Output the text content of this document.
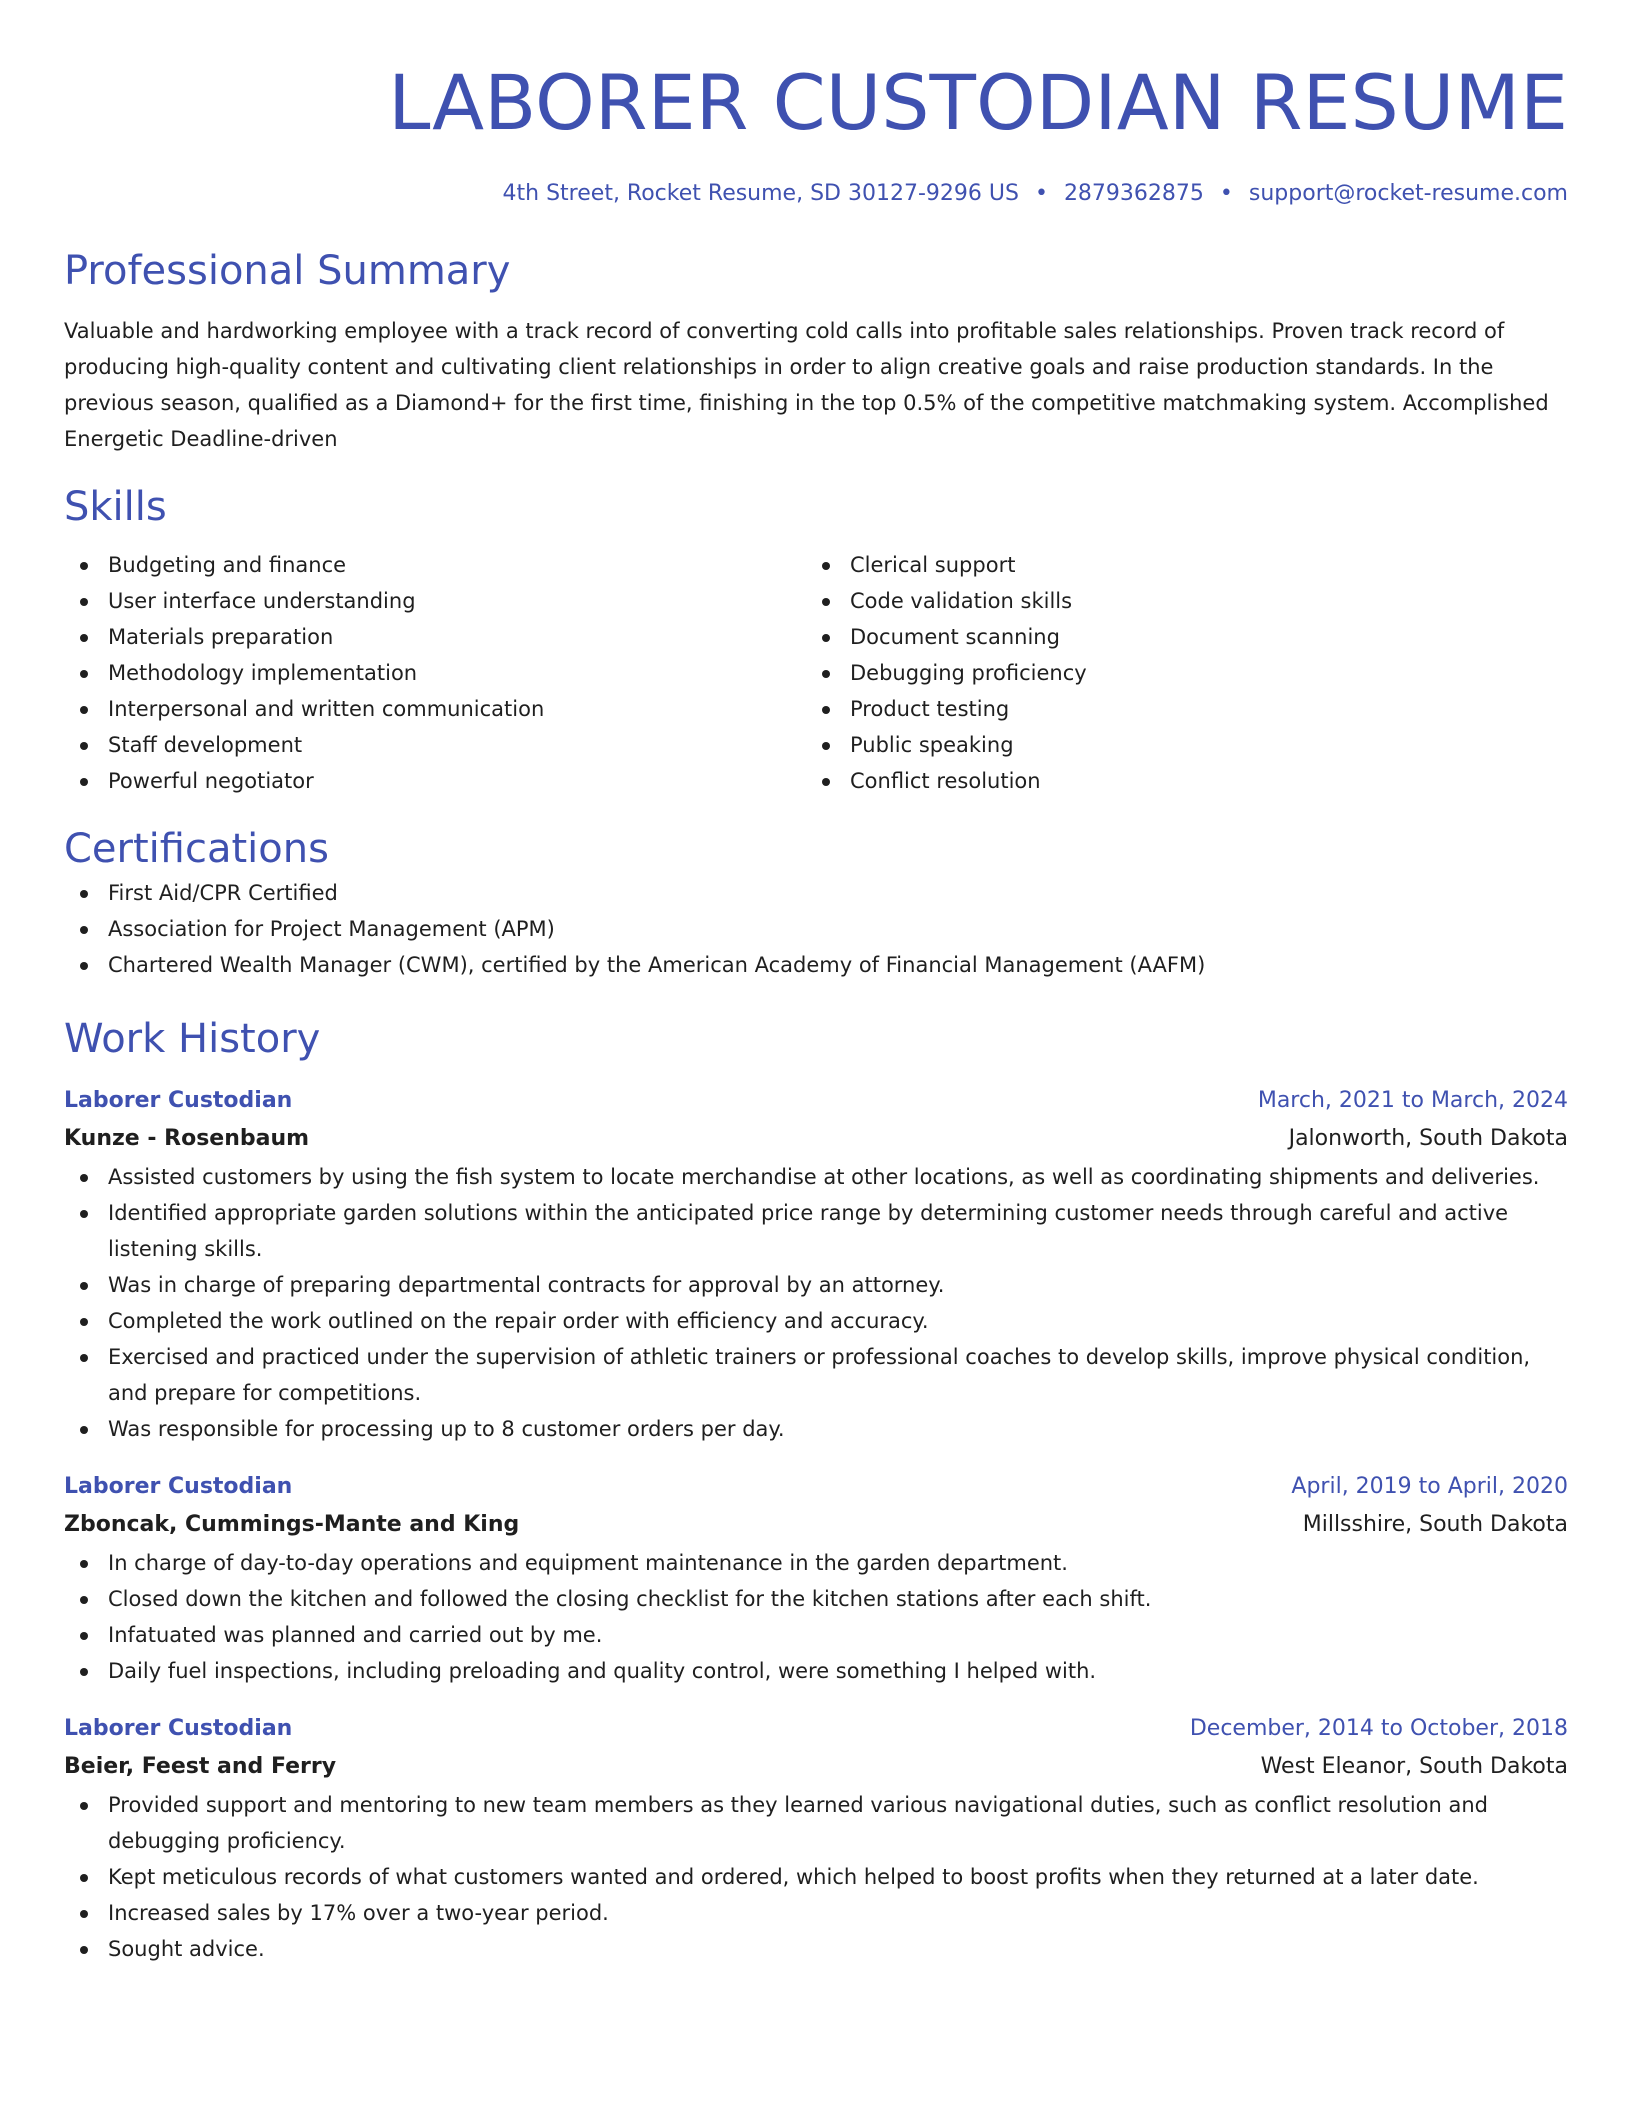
LABORER CUSTODIAN RESUME
4th Street, Rocket Resume, SD 30127-9296 US • 2879362875 • support@rocket-resume.com
Professional Summary

Valuable and hardworking employee with a track record of converting cold calls into profitable sales relationships. Proven track record of producing high-quality content and cultivating client relationships in order to align creative goals and raise production standards. In the previous season, qualified as a Diamond+ for the first time, finishing in the top 0.5% of the competitive matchmaking system. Accomplished Energetic Deadline-driven

Skills
Budgeting and finance
User interface understanding
Materials preparation
Methodology implementation
Interpersonal and written communication
Staff development
Powerful negotiator
Clerical support
Code validation skills
Document scanning
Debugging proficiency
Product testing
Public speaking
Conflict resolution
Certifications
First Aid/CPR Certified
Association for Project Management (APM)
Chartered Wealth Manager (CWM), certified by the American Academy of Financial Management (AAFM)
Work History
Laborer Custodian	March, 2021 to March, 2024
Kunze - Rosenbaum	Jalonworth, South Dakota
Assisted customers by using the fish system to locate merchandise at other locations, as well as coordinating shipments and deliveries.
Identified appropriate garden solutions within the anticipated price range by determining customer needs through careful and active listening skills.
Was in charge of preparing departmental contracts for approval by an attorney.
Completed the work outlined on the repair order with efficiency and accuracy.
Exercised and practiced under the supervision of athletic trainers or professional coaches to develop skills, improve physical condition, and prepare for competitions.
Was responsible for processing up to 8 customer orders per day.
Laborer Custodian	April, 2019 to April, 2020
Zboncak, Cummings-Mante and King	Millsshire, South Dakota
In charge of day-to-day operations and equipment maintenance in the garden department.
Closed down the kitchen and followed the closing checklist for the kitchen stations after each shift.
Infatuated was planned and carried out by me.
Daily fuel inspections, including preloading and quality control, were something I helped with.
Laborer Custodian	December, 2014 to October, 2018
Beier, Feest and Ferry	West Eleanor, South Dakota
Provided support and mentoring to new team members as they learned various navigational duties, such as conflict resolution and debugging proficiency.
Kept meticulous records of what customers wanted and ordered, which helped to boost profits when they returned at a later date.
Increased sales by 17% over a two-year period.
Sought advice.
